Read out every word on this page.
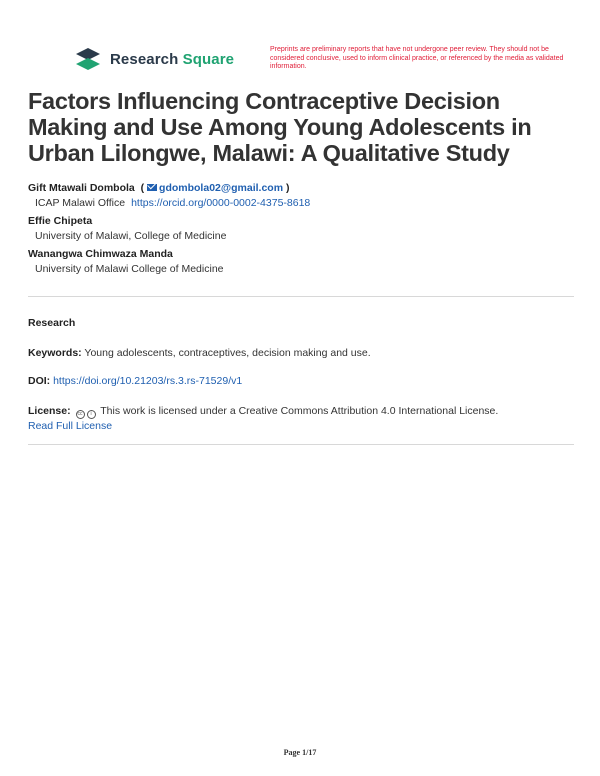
Research Square
Preprints are preliminary reports that have not undergone peer review. They should not be considered conclusive, used to inform clinical practice, or referenced by the media as validated information.
Factors Influencing Contraceptive Decision Making and Use Among Young Adolescents in Urban Lilongwe, Malawi: A Qualitative Study
Gift Mtawali Dombola  ( gdombola02@gmail.com )
ICAP Malawi Office https://orcid.org/0000-0002-4375-8618
Effie Chipeta
University of Malawi, College of Medicine
Wanangwa Chimwaza Manda
University of Malawi College of Medicine
Research
Keywords: Young adolescents, contraceptives, decision making and use.
DOI: https://doi.org/10.21203/rs.3.rs-71529/v1
License:	cc	i This work is licensed under a Creative Commons Attribution 4.0 International License.
Read Full License
Page 1/17
